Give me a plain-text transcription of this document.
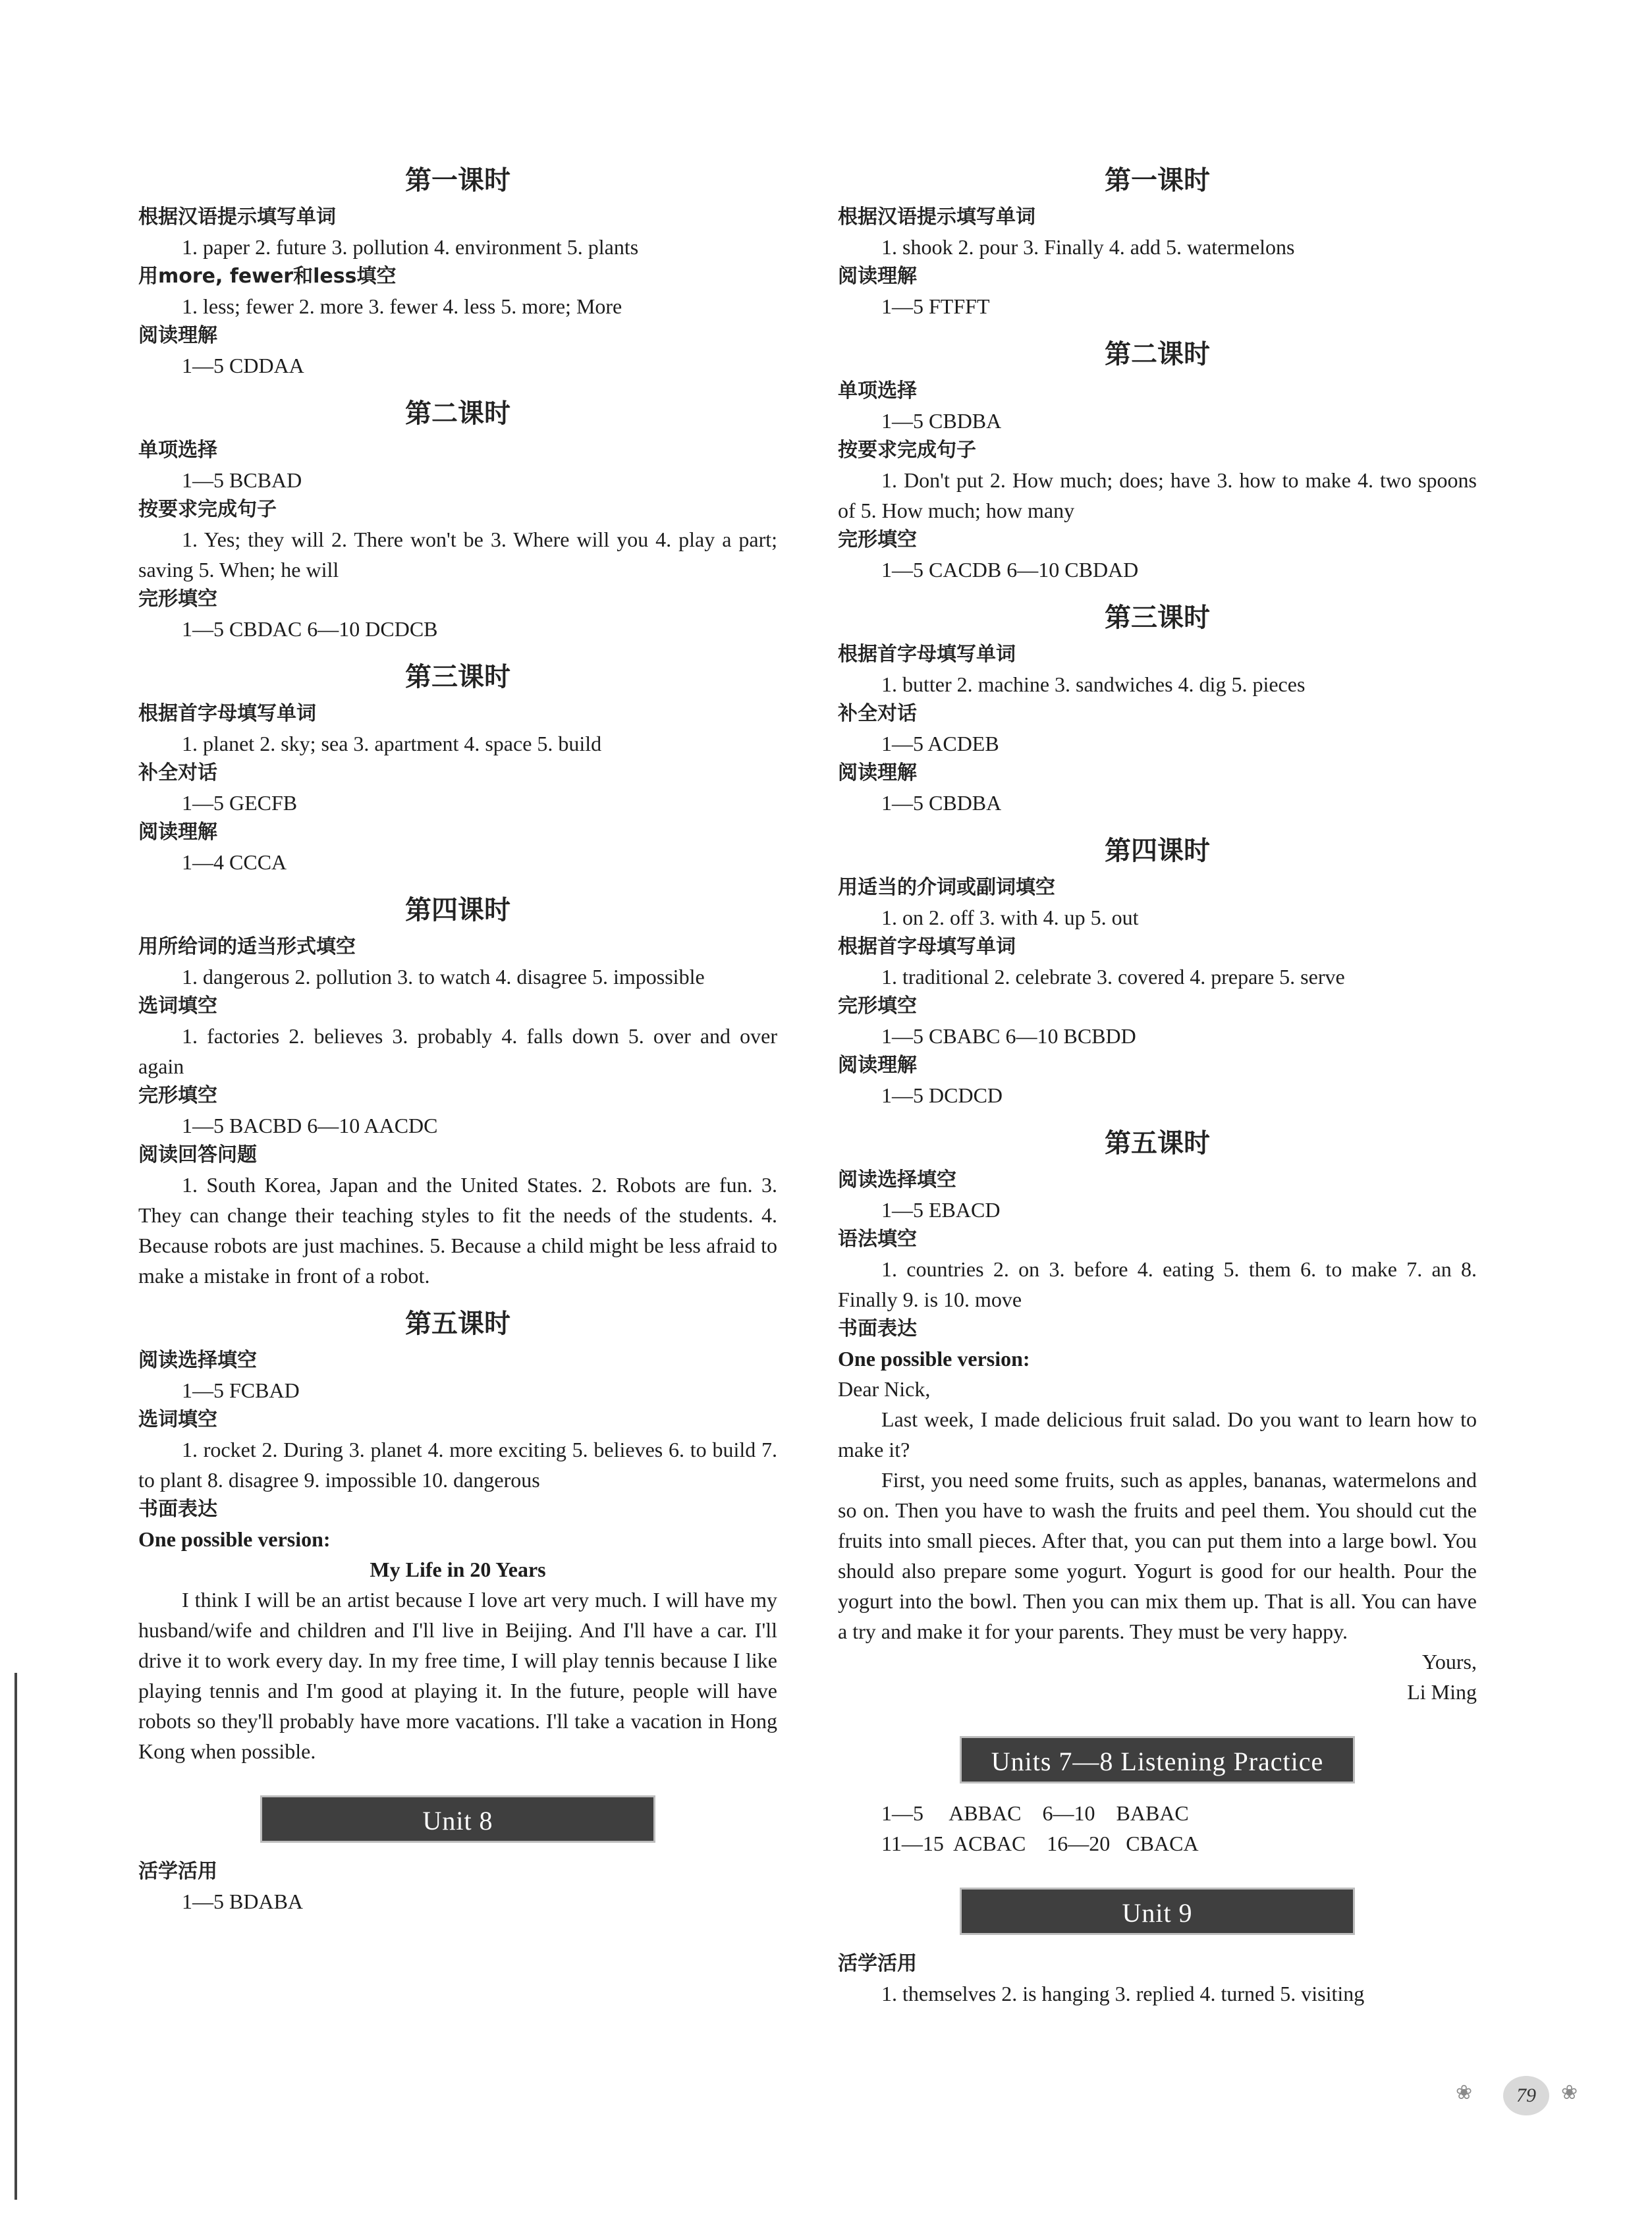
第一课时

根据汉语提示填写单词

1. paper 2. future 3. pollution 4. environment 5. plants

用more, fewer和less填空

1. less; fewer 2. more 3. fewer 4. less 5. more; More

阅读理解

1—5 CDDAA

第二课时

单项选择

1—5 BCBAD

按要求完成句子

1. Yes; they will 2. There won't be 3. Where will you 4. play a part; saving 5. When; he will

完形填空

1—5 CBDAC 6—10 DCDCB

第三课时

根据首字母填写单词

1. planet 2. sky; sea 3. apartment 4. space 5. build

补全对话

1—5 GECFB

阅读理解

1—4 CCCA

第四课时

用所给词的适当形式填空

1. dangerous 2. pollution 3. to watch 4. disagree 5. impossible

选词填空

1. factories 2. believes 3. probably 4. falls down 5. over and over again

完形填空

1—5 BACBD 6—10 AACDC

阅读回答问题

1. South Korea, Japan and the United States. 2. Robots are fun. 3. They can change their teaching styles to fit the needs of the students. 4. Because robots are just machines. 5. Because a child might be less afraid to make a mistake in front of a robot.

第五课时

阅读选择填空

1—5 FCBAD

选词填空

1. rocket 2. During 3. planet 4. more exciting 5. believes 6. to build 7. to plant 8. disagree 9. impossible 10. dangerous

书面表达

One possible version:

My Life in 20 Years

I think I will be an artist because I love art very much. I will have my husband/wife and children and I'll live in Beijing. And I'll have a car. I'll drive it to work every day. In my free time, I will play tennis because I like playing tennis and I'm good at playing it. In the future, people will have robots so they'll probably have more vacations. I'll take a vacation in Hong Kong when possible.

Unit 8

活学活用

1—5 BDABA

第一课时

根据汉语提示填写单词

1. shook 2. pour 3. Finally 4. add 5. watermelons

阅读理解

1—5 FTFFT

第二课时

单项选择

1—5 CBDBA

按要求完成句子

1. Don't put 2. How much; does; have 3. how to make 4. two spoons of 5. How much; how many

完形填空

1—5 CACDB 6—10 CBDAD

第三课时

根据首字母填写单词

1. butter 2. machine 3. sandwiches 4. dig 5. pieces

补全对话

1—5 ACDEB

阅读理解

1—5 CBDBA

第四课时

用适当的介词或副词填空

1. on 2. off 3. with 4. up 5. out

根据首字母填写单词

1. traditional 2. celebrate 3. covered 4. prepare 5. serve

完形填空

1—5 CBABC 6—10 BCBDD

阅读理解

1—5 DCDCD

第五课时

阅读选择填空

1—5 EBACD

语法填空

1. countries 2. on 3. before 4. eating 5. them 6. to make 7. an 8. Finally 9. is 10. move

书面表达

One possible version:

Dear Nick,

Last week, I made delicious fruit salad. Do you want to learn how to make it?

First, you need some fruits, such as apples, bananas, watermelons and so on. Then you have to wash the fruits and peel them. You should cut the fruits into small pieces. After that, you can put them into a large bowl. You should also prepare some yogurt. Yogurt is good for our health. Pour the yogurt into the bowl. Then you can mix them up. That is all. You can have a try and make it for your parents. They must be very happy.

Yours,

Li Ming

Units 7—8 Listening Practice

1—5     ABBAC    6—10    BABAC

11—15  ACBAC    16—20   CBACA

Unit 9

活学活用

1. themselves 2. is hanging 3. replied 4. turned 5. visiting

❀	79	❀
